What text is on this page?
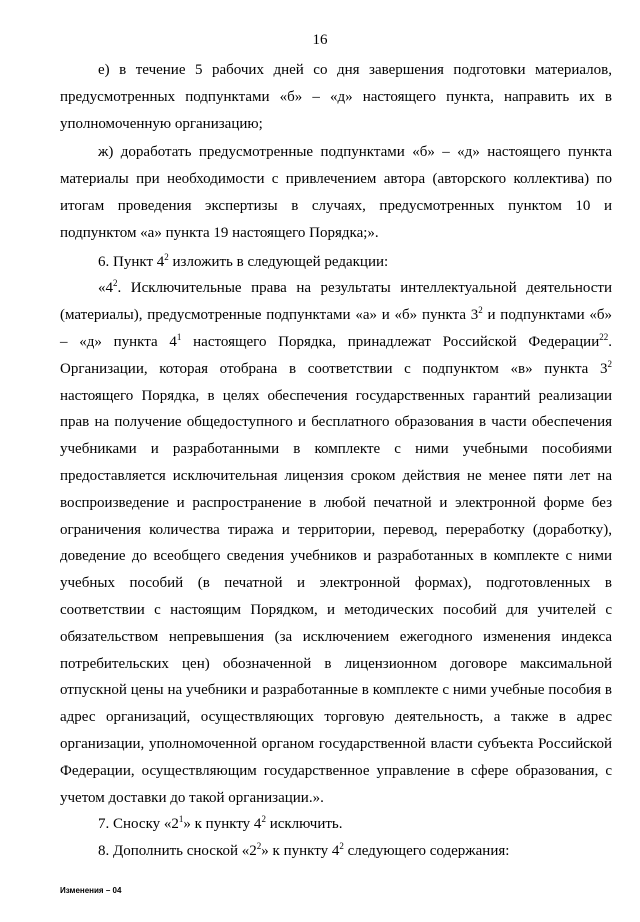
16

е) в течение 5 рабочих дней со дня завершения подготовки материалов, предусмотренных подпунктами «б» – «д» настоящего пункта, направить их в уполномоченную организацию;

ж) доработать предусмотренные подпунктами «б» – «д» настоящего пункта материалы при необходимости с привлечением автора (авторского коллектива) по итогам проведения экспертизы в случаях, предусмотренных пунктом 10 и подпунктом «а» пункта 19 настоящего Порядка;».

6. Пункт $4^2$ изложить в следующей редакции:

«$4^2$. Исключительные права на результаты интеллектуальной деятельности (материалы), предусмотренные подпунктами «а» и «б» пункта $3^2$ и подпунктами «б» – «д» пункта $4^1$ настоящего Порядка, принадлежат Российской Федерации$^{22}$. Организации, которая отобрана в соответствии с подпунктом «в» пункта $3^2$ настоящего Порядка, в целях обеспечения государственных гарантий реализации прав на получение общедоступного и бесплатного образования в части обеспечения учебниками и разработанными в комплекте с ними учебными пособиями предоставляется исключительная лицензия сроком действия не менее пяти лет на воспроизведение и распространение в любой печатной и электронной форме без ограничения количества тиража и территории, перевод, переработку (доработку), доведение до всеобщего сведения учебников и разработанных в комплекте с ними учебных пособий (в печатной и электронной формах), подготовленных в соответствии с настоящим Порядком, и методических пособий для учителей с обязательством непревышения (за исключением ежегодного изменения индекса потребительских цен) обозначенной в лицензионном договоре максимальной отпускной цены на учебники и разработанные в комплекте с ними учебные пособия в адрес организаций, осуществляющих торговую деятельность, а также в адрес организации, уполномоченной органом государственной власти субъекта Российской Федерации, осуществляющим государственное управление в сфере образования, с учетом доставки до такой организации.».

7. Сноску «$2^1$» к пункту $4^2$ исключить.

8. Дополнить сноской «$2^2$» к пункту $4^2$ следующего содержания:

Изменения – 04
